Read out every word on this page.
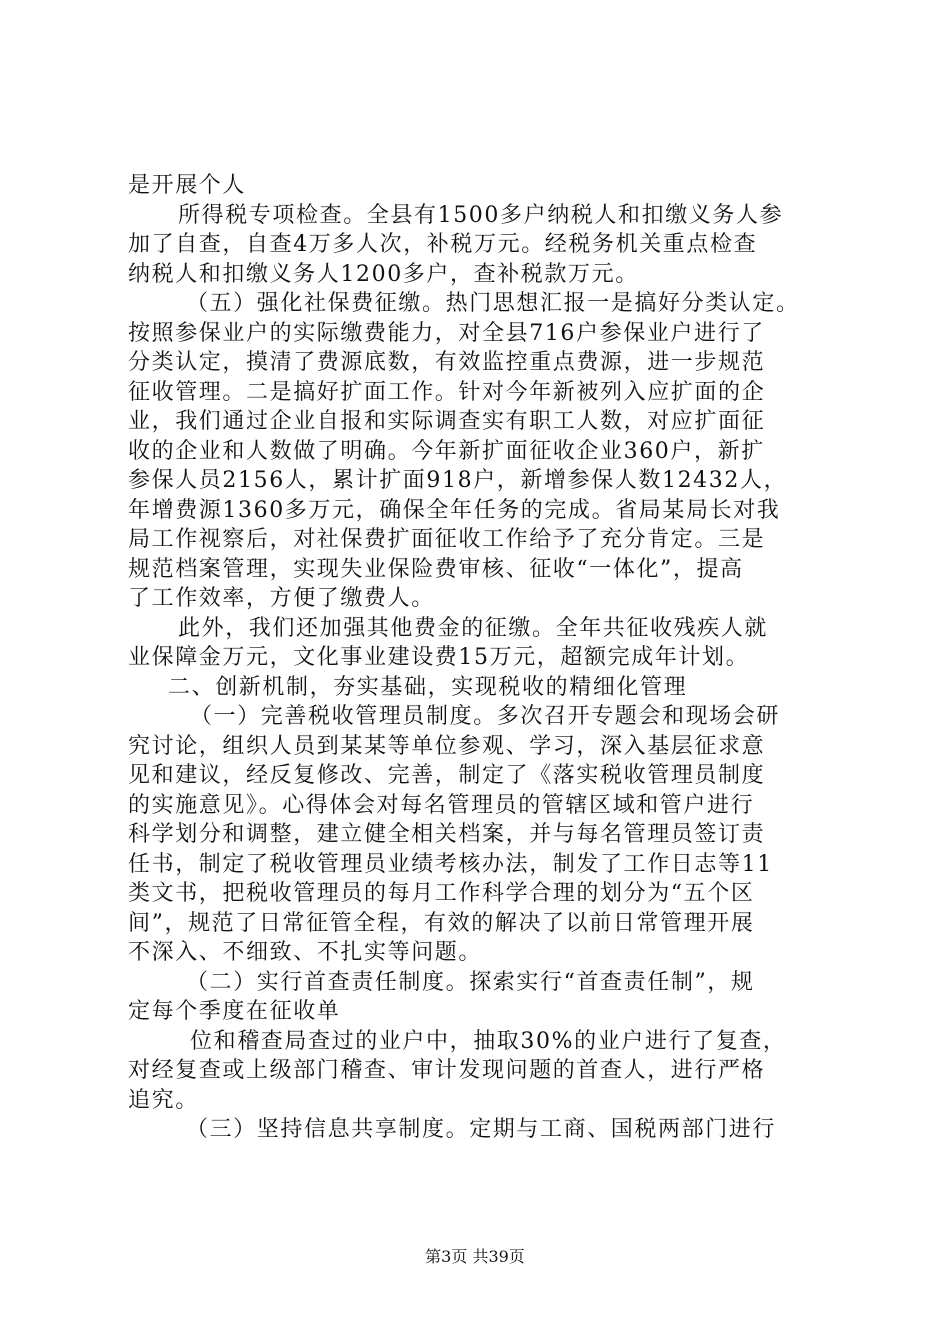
是开展个人
所得税专项检查。全县有1500多户纳税人和扣缴义务人参
加了自查，自查4万多人次，补税万元。经税务机关重点检查
纳税人和扣缴义务人1200多户，查补税款万元。
（五）强化社保费征缴。热门思想汇报一是搞好分类认定。
按照参保业户的实际缴费能力，对全县716户参保业户进行了
分类认定，摸清了费源底数，有效监控重点费源，进一步规范
征收管理。二是搞好扩面工作。针对今年新被列入应扩面的企
业，我们通过企业自报和实际调查实有职工人数，对应扩面征
收的企业和人数做了明确。今年新扩面征收企业360户，新扩
参保人员2156人，累计扩面918户，新增参保人数12432人，
年增费源1360多万元，确保全年任务的完成。省局某局长对我
局工作视察后，对社保费扩面征收工作给予了充分肯定。三是
规范档案管理，实现失业保险费审核、征收“一体化”，提高
了工作效率，方便了缴费人。
此外，我们还加强其他费金的征缴。全年共征收残疾人就
业保障金万元，文化事业建设费15万元，超额完成年计划。
二、创新机制，夯实基础，实现税收的精细化管理
（一）完善税收管理员制度。多次召开专题会和现场会研
究讨论，组织人员到某某等单位参观、学习，深入基层征求意
见和建议，经反复修改、完善，制定了《落实税收管理员制度
的实施意见》。心得体会对每名管理员的管辖区域和管户进行
科学划分和调整，建立健全相关档案，并与每名管理员签订责
任书，制定了税收管理员业绩考核办法，制发了工作日志等11
类文书，把税收管理员的每月工作科学合理的划分为“五个区
间”，规范了日常征管全程，有效的解决了以前日常管理开展
不深入、不细致、不扎实等问题。
（二）实行首查责任制度。探索实行“首查责任制”，规
定每个季度在征收单
位和稽查局查过的业户中，抽取30%的业户进行了复查，
对经复查或上级部门稽查、审计发现问题的首查人，进行严格
追究。
（三）坚持信息共享制度。定期与工商、国税两部门进行
第3页 共39页
